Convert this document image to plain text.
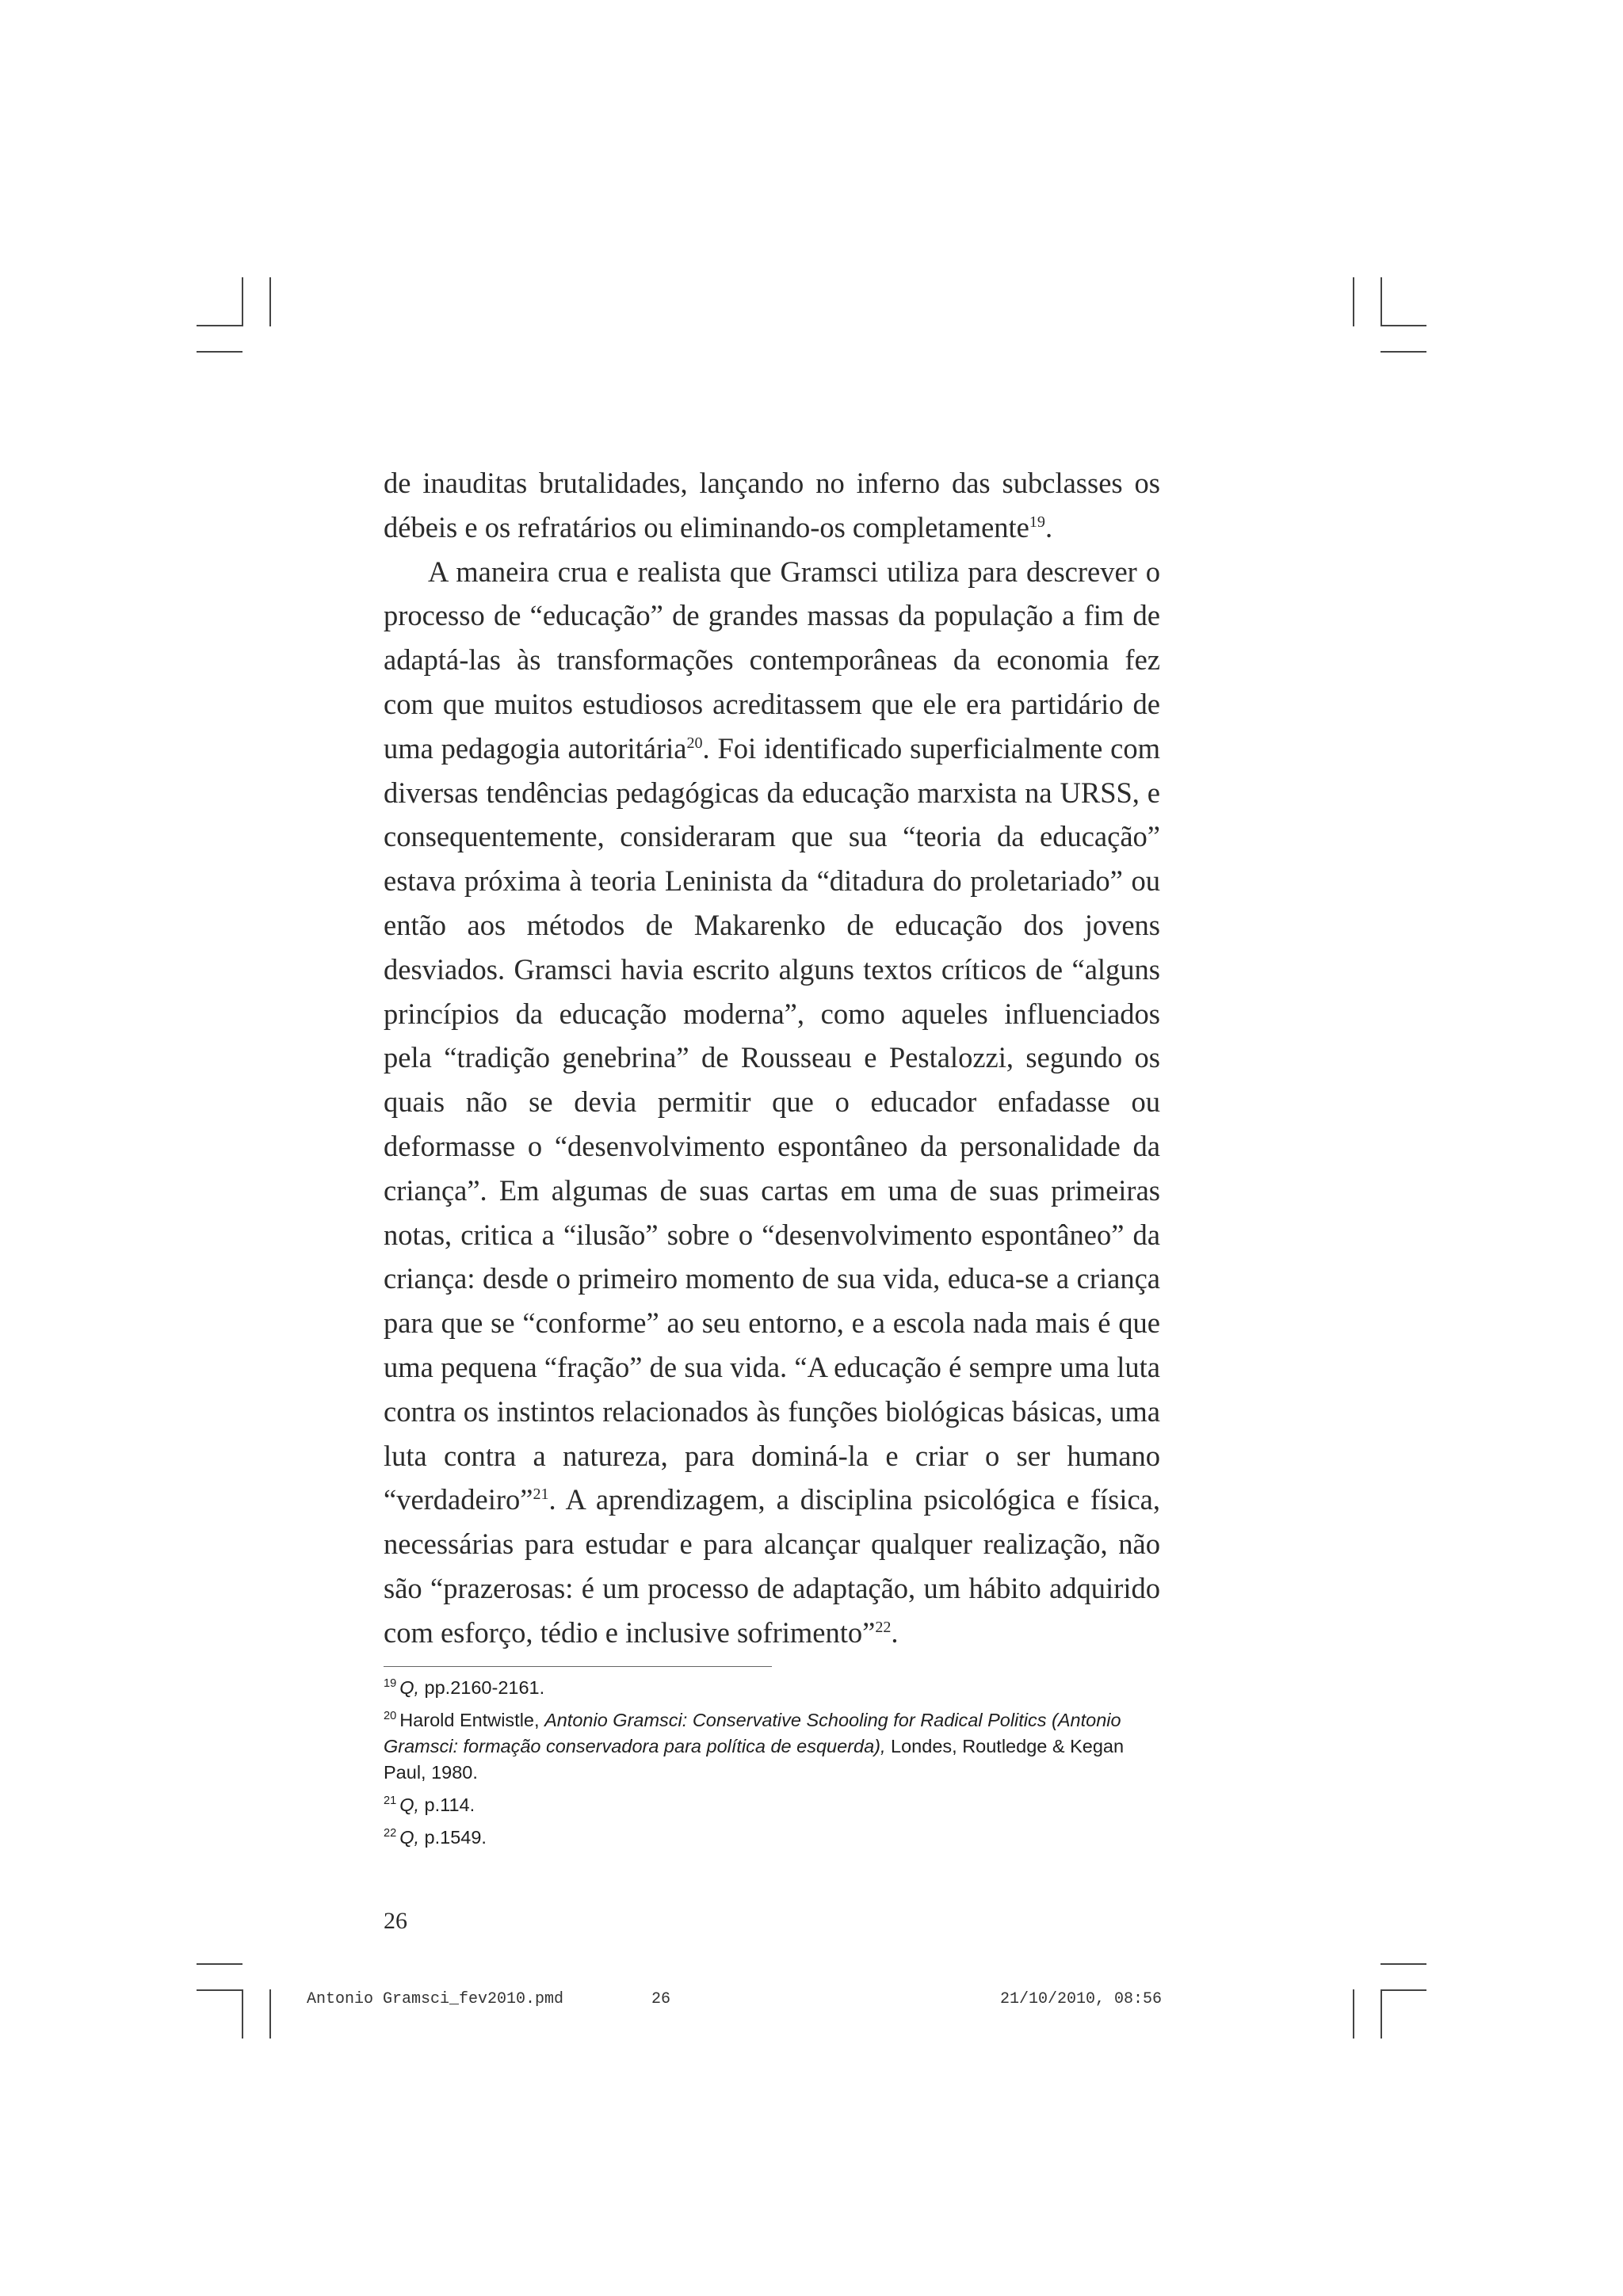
de inauditas brutalidades, lançando no inferno das subclasses os débeis e os refratários ou eliminando-os completamente$^{19}$.

A maneira crua e realista que Gramsci utiliza para descrever o processo de “educação” de grandes massas da população a fim de adaptá-las às transformações contemporâneas da economia fez com que muitos estudiosos acreditassem que ele era partidário de uma pedagogia autoritária$^{20}$. Foi identificado superficialmente com diversas tendências pedagógicas da educação marxista na URSS, e consequentemente, consideraram que sua “teoria da educação” estava próxima à teoria Leninista da “ditadura do proletariado” ou então aos métodos de Makarenko de educação dos jovens desviados. Gramsci havia escrito alguns textos críticos de “alguns princípios da educação moderna”, como aqueles influenciados pela “tradição genebrina” de Rousseau e Pestalozzi, segundo os quais não se devia permitir que o educador enfadasse ou deformasse o “desenvolvimento espontâneo da personalidade da criança”. Em algumas de suas cartas em uma de suas primeiras notas, critica a “ilusão” sobre o “desenvolvimento espontâneo” da criança: desde o primeiro momento de sua vida, educa-se a criança para que se “conforme” ao seu entorno, e a escola nada mais é que uma pequena “fração” de sua vida. “A educação é sempre uma luta contra os instintos relacionados às funções biológicas básicas, uma luta contra a natureza, para dominá-la e criar o ser humano “verdadeiro”$^{21}$. A aprendizagem, a disciplina psicológica e física, necessárias para estudar e para alcançar qualquer realização, não são “prazerosas: é um processo de adaptação, um hábito adquirido com esforço, tédio e inclusive sofrimento”$^{22}$.

$^{19}$ Q, pp.2160-2161.

$^{20}$ Harold Entwistle, Antonio Gramsci: Conservative Schooling for Radical Politics (Antonio Gramsci: formação conservadora para política de esquerda), Londes, Routledge & Kegan Paul, 1980.

$^{21}$ Q, p.114.

$^{22}$ Q, p.1549.

26
Antonio Gramsci_fev2010.pmd	26	21/10/2010, 08:56
